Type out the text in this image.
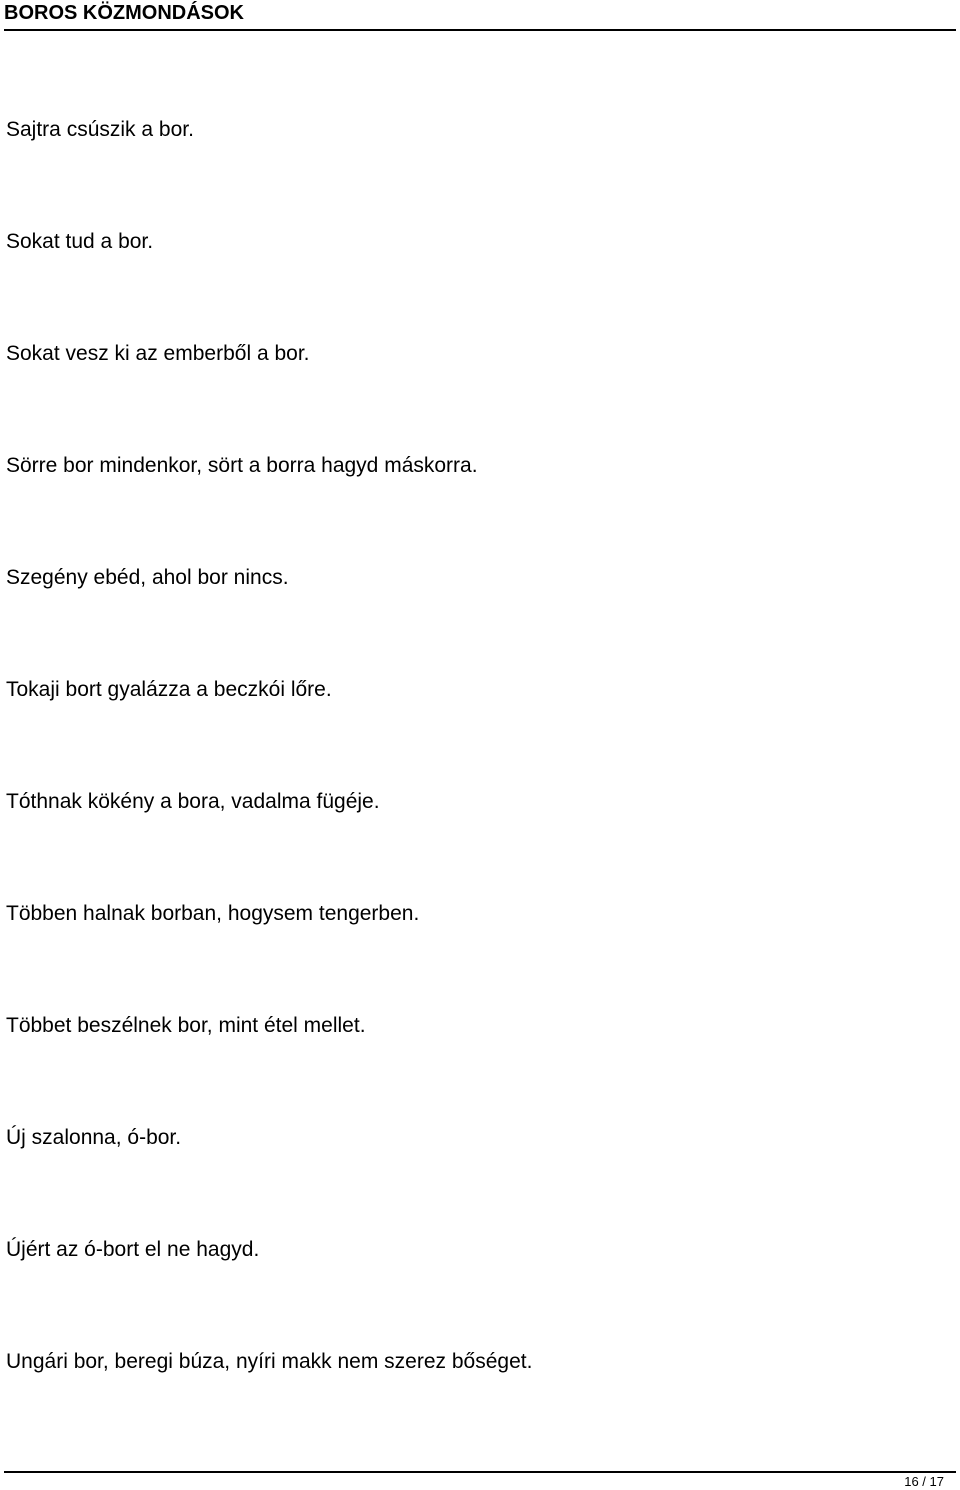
BOROS KÖZMONDÁSOK
Sajtra csúszik a bor.
Sokat tud a bor.
Sokat vesz ki az emberből a bor.
Sörre bor mindenkor, sört a borra hagyd máskorra.
Szegény ebéd, ahol bor nincs.
Tokaji bort gyalázza a beczkói lőre.
Tóthnak kökény a bora, vadalma fügéje.
Többen halnak borban, hogysem tengerben.
Többet beszélnek bor, mint étel mellet.
Új szalonna, ó-bor.
Újért az ó-bort el ne hagyd.
Ungári bor, beregi búza, nyíri makk nem szerez bőséget.
16 / 17
